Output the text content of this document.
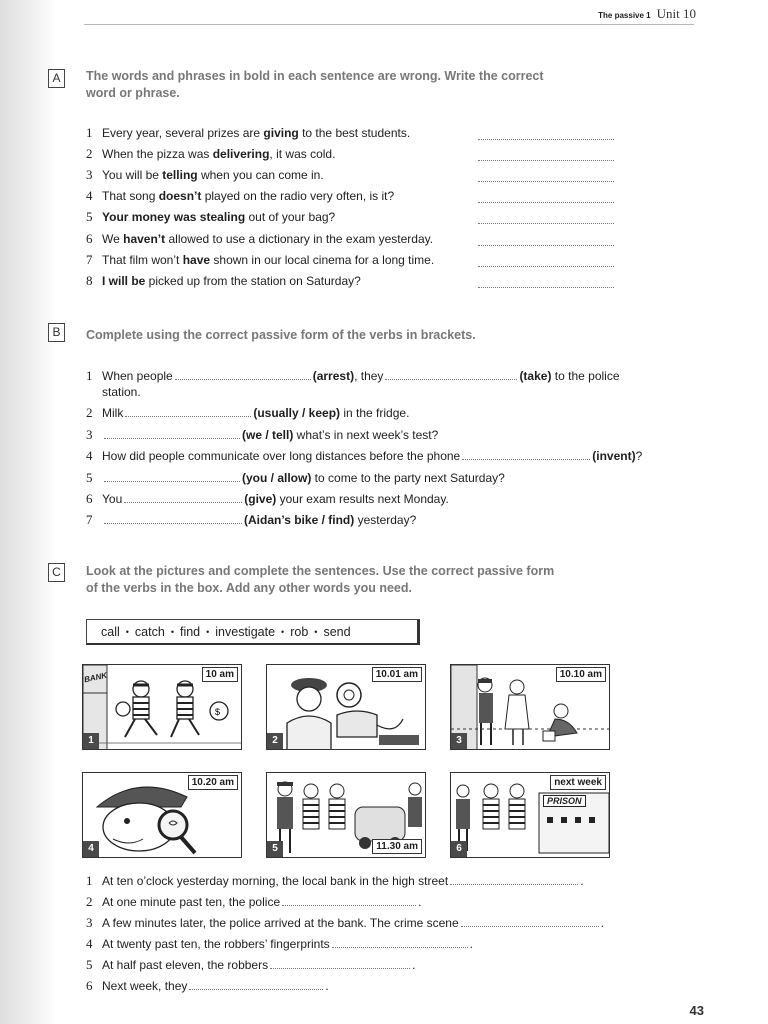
The passive 1 Unit 10
A	The words and phrases in bold in each sentence are wrong. Write the correct
word or phrase.
1 Every year, several prizes are giving to the best students.
2 When the pizza was delivering, it was cold.
3 You will be telling when you can come in.
4 That song doesn’t played on the radio very often, is it?
5 Your money was stealing out of your bag?
6 We haven’t allowed to use a dictionary in the exam yesterday.
7 That film won’t have shown in our local cinema for a long time.
8 I will be picked up from the station on Saturday?
B	Complete using the correct passive form of the verbs in brackets.
1 When people	(arrest), they	(take) to the police
station.
2 Milk	(usually / keep) in the fridge.
3	(we / tell) what’s in next week’s test?
4 How did people communicate over long distances before the phone	(invent)?
5	(you / allow) to come to the party next Saturday?
6 You	(give) your exam results next Monday.
7	(Aidan’s bike / find) yesterday?
C	Look at the pictures and complete the sentences. Use the correct passive form
of the verbs in the box. Add any other words you need.
call • catch • find • investigate • rob • send
$
BANK	10 am
1
10.01 am
2
10.10 am
3
10.20 am
4	11.30 am
5
PRISON
next week
6
1 At ten o’clock yesterday morning, the local bank in the high street	.
2 At one minute past ten, the police	.
3 A few minutes later, the police arrived at the bank. The crime scene	.
4 At twenty past ten, the robbers’ fingerprints	.
5 At half past eleven, the robbers	.
6 Next week, they	.
43
